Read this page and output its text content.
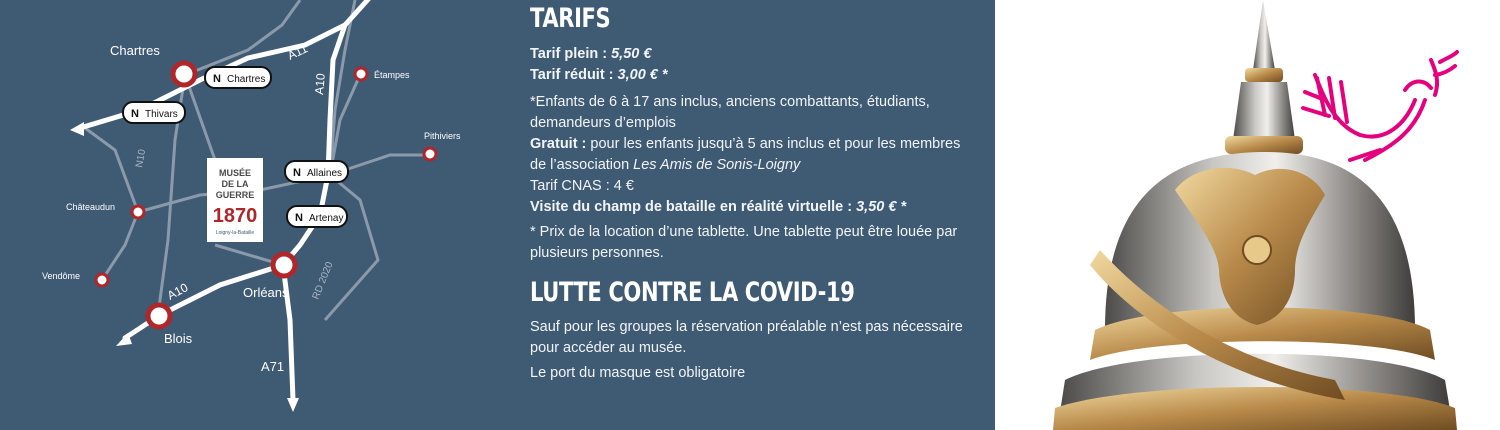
A11
A10
A10
A71
N10
RD 2020
Chartres
Étampes
Pithiviers
Châteaudun
Vendôme
Orléans
Blois
N Chartres
N Thivars
N Allaines
N Artenay
MUSÉE
DE LA
GUERRE
1870
Loigny-la-Bataille
TARIFS

Tarif plein : 5,50 €

Tarif réduit : 3,00 € *

*Enfants de 6 à 17 ans inclus, anciens combattants, étudiants, demandeurs d’emplois

Gratuit : pour les enfants jusqu’à 5 ans inclus et pour les membres de l’association Les Amis de Sonis-Loigny

Tarif CNAS : 4 €

Visite du champ de bataille en réalité virtuelle : 3,50 € *

* Prix de la location d’une tablette. Une tablette peut être louée par plusieurs personnes.

LUTTE CONTRE LA COVID-19

Sauf pour les groupes la réservation préalable n’est pas nécessaire pour accéder au musée.

Le port du masque est obligatoire
